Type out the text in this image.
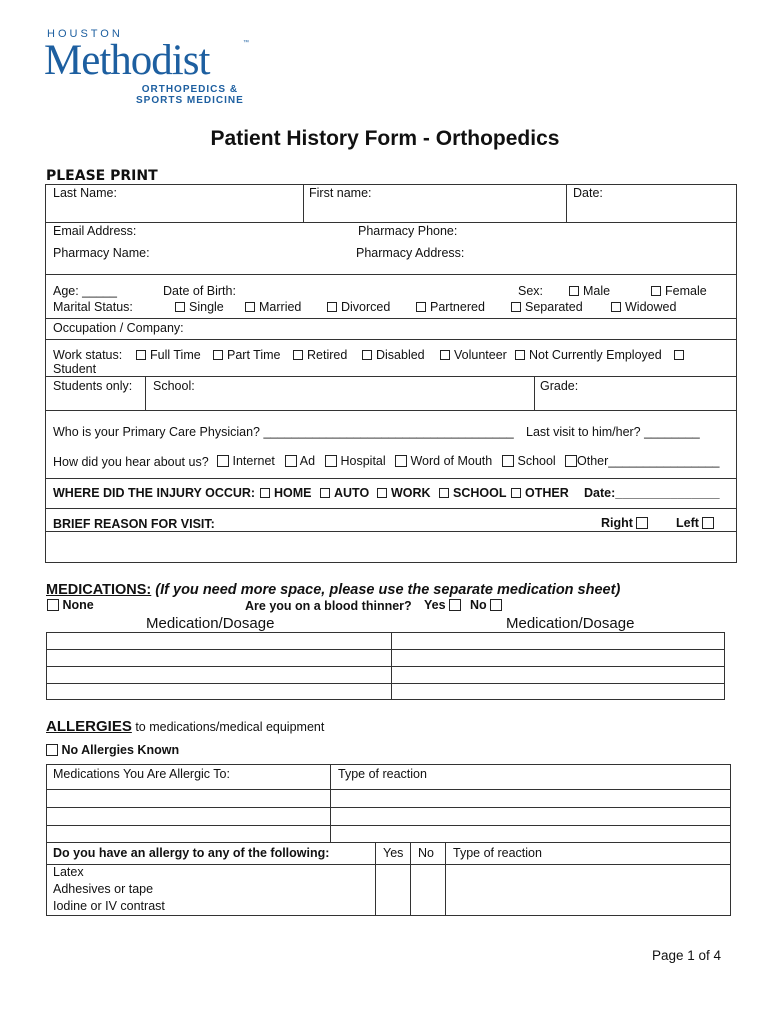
HOUSTON
Methodist	™
ORTHOPEDICS &
SPORTS MEDICINE
Patient History Form - Orthopedics
PLEASE PRINT
Last Name:	First name:	Date:
Email Address:	Pharmacy Phone:
Pharmacy Name:	Pharmacy Address:
Age: _____	Date of Birth:	Sex:	Male	Female
Marital Status:	Single	Married	Divorced	Partnered	Separated	Widowed
Occupation / Company:
Work status:	Full Time	Part Time	Retired	Disabled	Volunteer	Not Currently Employed
Student
Students only: School:	Grade:
Who is your Primary Care Physician? ____________________________________ Last visit to him/her? ________
How did you hear about us?	Internet	Ad	Hospital	Word of Mouth	School	Other________________
WHERE DID THE INJURY OCCUR:	HOME	AUTO	WORK	SCHOOL	OTHER Date:_______________
BRIEF REASON FOR VISIT:	Right	Left
MEDICATIONS: (If you need more space, please use the separate medication sheet)
None	Are you on a blood thinner? Yes	No
Medication/Dosage	Medication/Dosage
ALLERGIES to medications/medical equipment
No Allergies Known
Medications You Are Allergic To:	Type of reaction
Do you have an allergy to any of the following:	Yes No Type of reaction
Latex
Adhesives or tape
Iodine or IV contrast
Page 1 of 4
